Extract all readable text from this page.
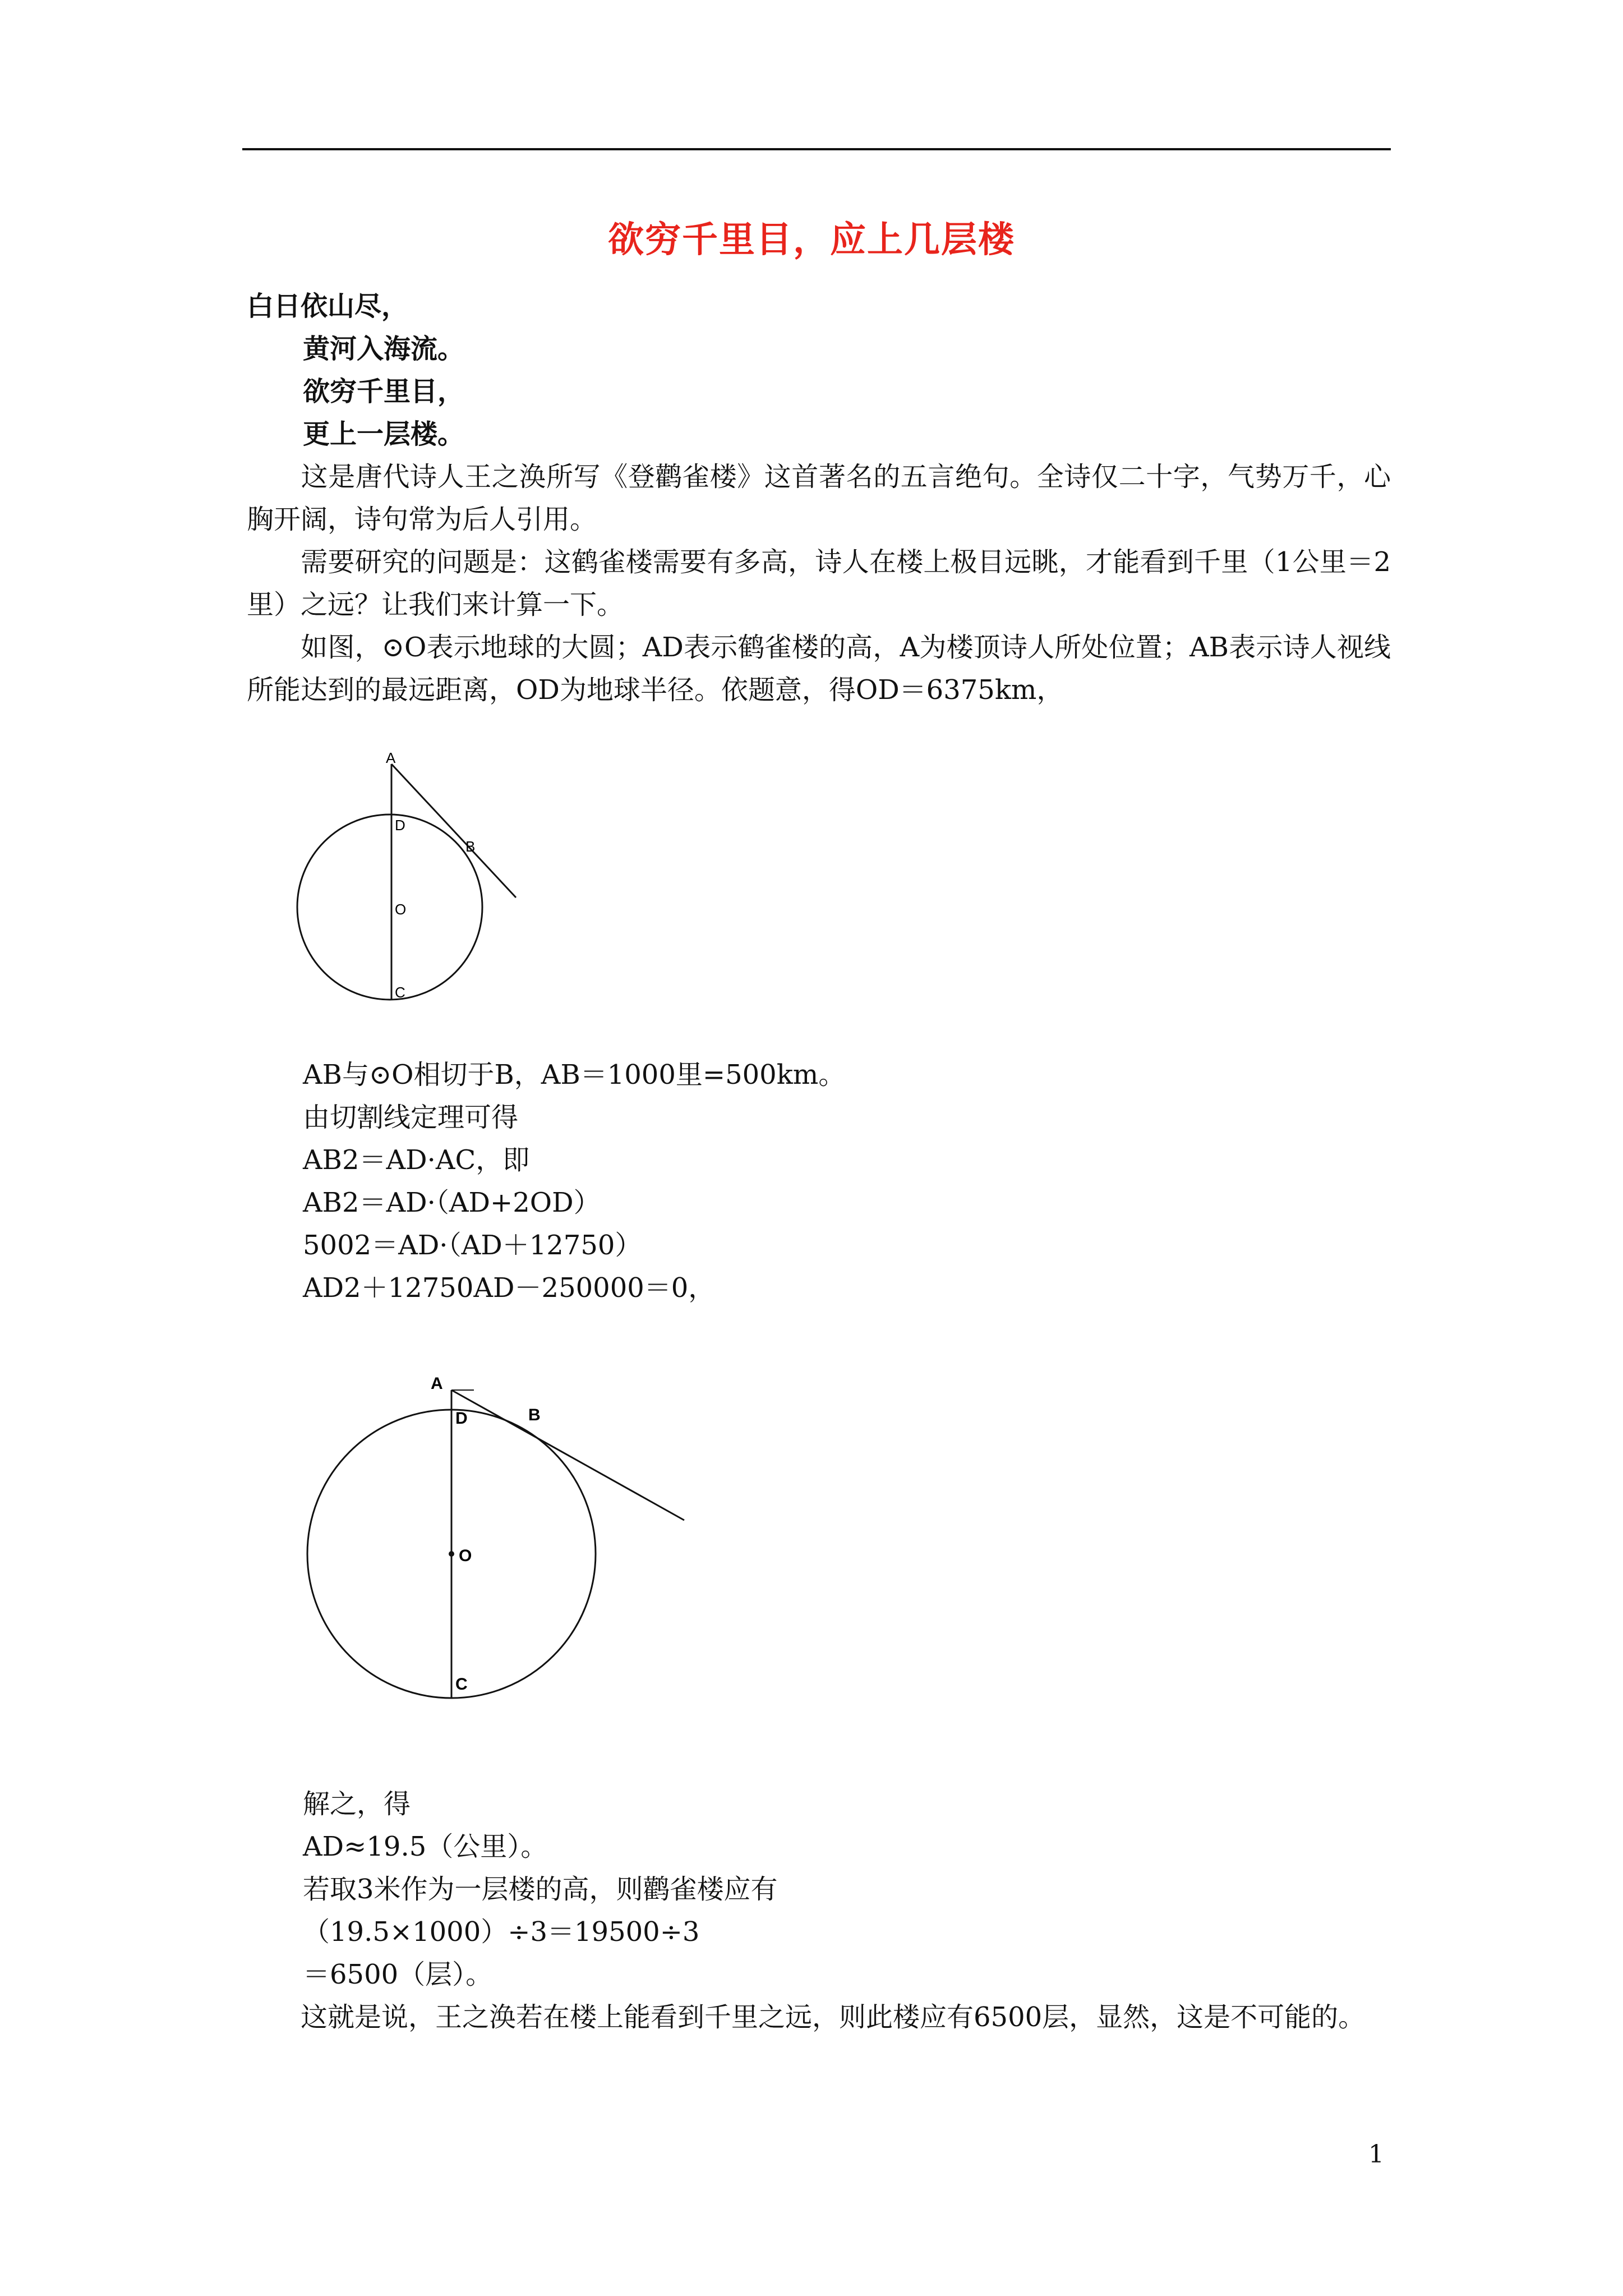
欲穷千里目，应上几层楼
白日依山尽，
黄河入海流。
欲穷千里目，
更上一层楼。
这是唐代诗人王之涣所写《登鹳雀楼》这首著名的五言绝句。全诗仅二十字，气势万千，心胸开阔，诗句常为后人引用。
需要研究的问题是：这鹤雀楼需要有多高，诗人在楼上极目远眺，才能看到千里（1公里＝2里）之远？让我们来计算一下。
如图，⊙O表示地球的大圆；AD表示鹤雀楼的高，A为楼顶诗人所处位置；AB表示诗人视线所能达到的最远距离，OD为地球半径。依题意，得OD＝6375km，
A
D
B
O
C
AB与⊙O相切于B，AB＝1000里=500km。
由切割线定理可得
AB2＝AD·AC，即
AB2＝AD·（AD+2OD）
5002＝AD·（AD＋12750）
AD2＋12750AD－250000＝0，
A
D	B
O
C
解之，得
AD≈19.5（公里）。
若取3米作为一层楼的高，则鹳雀楼应有
（19.5×1000）÷3＝19500÷3
＝6500（层）。
这就是说，王之涣若在楼上能看到千里之远，则此楼应有6500层，显然，这是不可能的。
1
